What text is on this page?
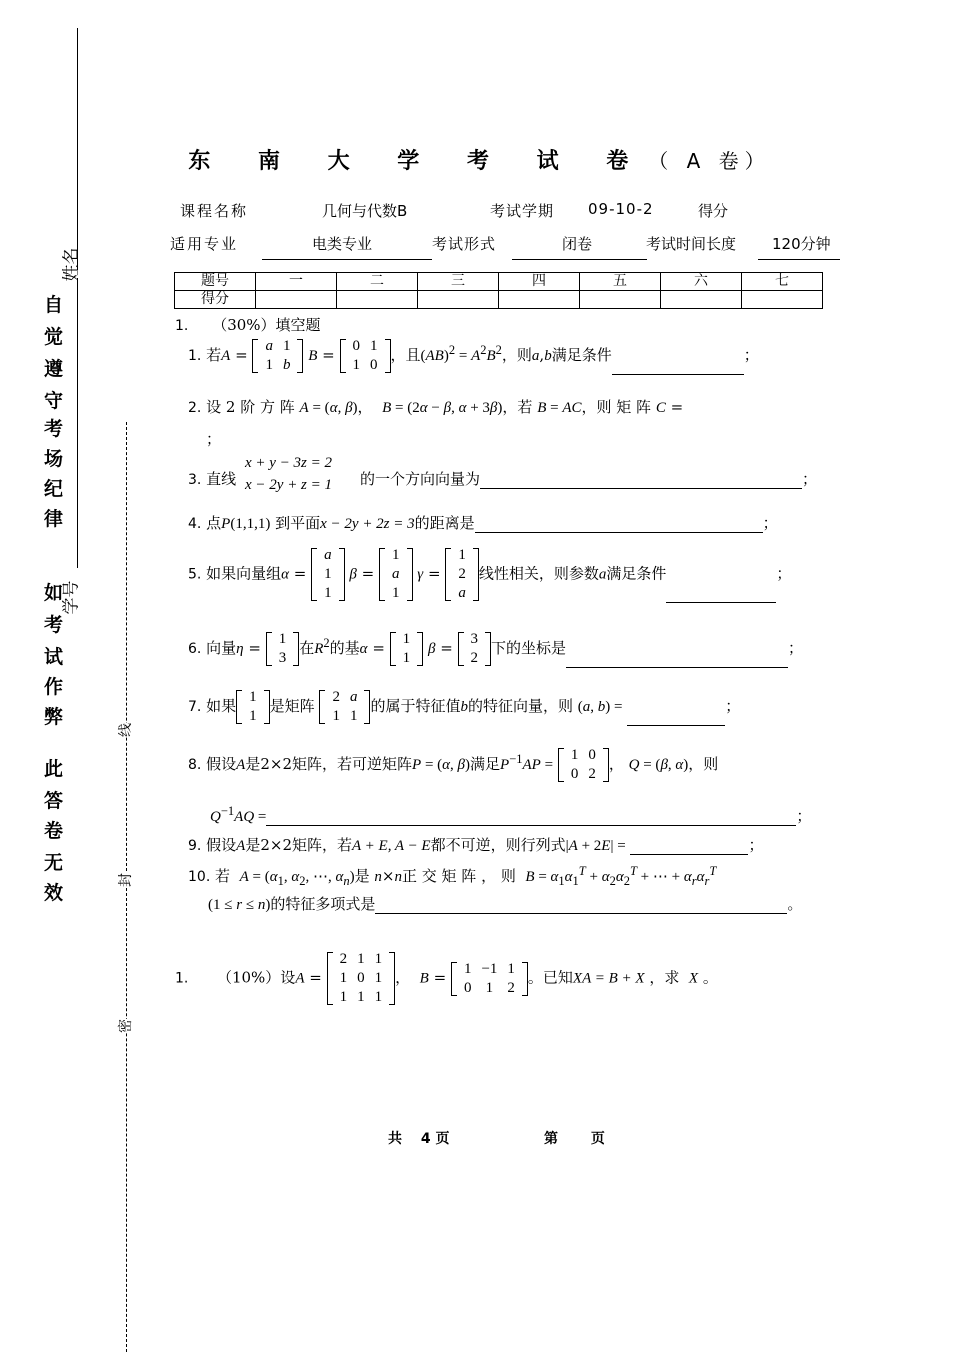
姓名
学号
自
觉
遵
守
考
场
纪
律
如
考
试
作
弊
此
答
卷
无
效
线
封
密
东 南 大 学 考 试 卷（ A 卷）
课程名称	几何与代数B	考试学期 09-10-2	得分
适用专业	电类专业	考试形式	闭卷	考试时间长度 120分钟
题号	一	二	三	四	五	六	七
得分							
1. （30%）填空题
1. 若A = a	1
1	b
B = 0	1
1	0
，且$(AB)^2 = A^2B^2$，则a,b满足条件	；
2. 设 2 阶 方 阵 A = (α, β)，  B = (2α − β, α + 3β)，若 B = AC，则 矩 阵 C =
；
3. 直线
x + y − 3z = 2
x − 2y + z = 1 的一个方向向量为	；
4. 点P(1,1,1) 到平面x − 2y + 2z = 3的距离是	；
5. 如果向量组α =
a
1
1
β =
1
a
1
γ =
1
2
a
线性相关，则参数a满足条件	；
6. 向量η = 1
3
在$R^2$的基α = 1
1
β = 3
2
下的坐标是	；
7. 如果 1
1
是矩阵 2	a
1	1
的属于特征值b的特征向量，则 (a, b) =	；
8. 假设A是2×2矩阵，若可逆矩阵P = (α, β)满足$P^{-1}AP$ =
1	0
0	2
， Q = (β, α)，则
$Q^{-1}AQ$ =	；
9. 假设A是2×2矩阵，若A + E, A − E都不可逆，则行列式|A + 2E| =	；
10. 若 $A = (\alpha_1$, $\alpha_2$, ⋯, $\alpha_n$)是 n×n正 交 矩 阵 ， 则 $B = \alpha_1\alpha_1^T + \alpha_2\alpha_2^T$ + ⋯ + $\alpha_r\alpha_r^T$
(1 ≤ r ≤ n)的特征多项式是	。
1. （10%）设A =
2	1	1
1	0	1
1	1	1
， B = 1	−1	1
0	1	2
。已知XA = B + X ，求 X 。
共　 4 页	第　　 页
